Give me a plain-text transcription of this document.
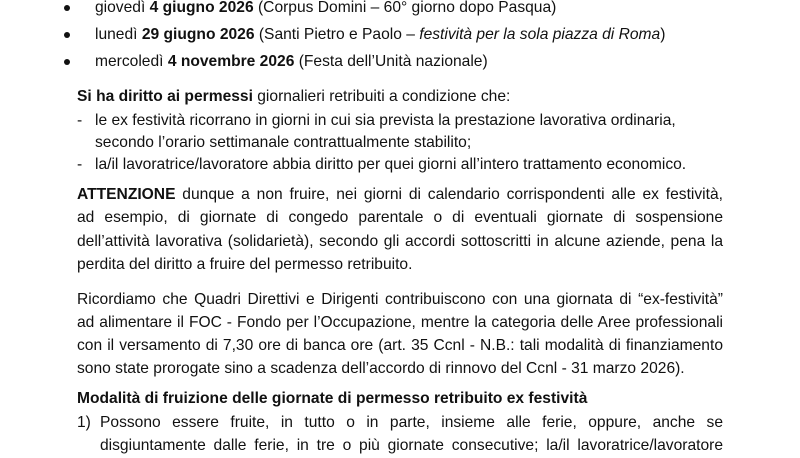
giovedì 4 giugno 2026 (Corpus Domini – 60° giorno dopo Pasqua)
lunedì 29 giugno 2026 (Santi Pietro e Paolo – festività per la sola piazza di Roma)
mercoledì 4 novembre 2026 (Festa dell’Unità nazionale)
Si ha diritto ai permessi giornalieri retribuiti a condizione che:
- le ex festività ricorrano in giorni in cui sia prevista la prestazione lavorativa ordinaria,
secondo l’orario settimanale contrattualmente stabilito;
- la/il lavoratrice/lavoratore abbia diritto per quei giorni all’intero trattamento economico.
ATTENZIONE dunque a non fruire, nei giorni di calendario corrispondenti alle ex festività,
ad esempio, di giornate di congedo parentale o di eventuali giornate di sospensione
dell’attività lavorativa (solidarietà), secondo gli accordi sottoscritti in alcune aziende, pena la
perdita del diritto a fruire del permesso retribuito.
Ricordiamo che Quadri Direttivi e Dirigenti contribuiscono con una giornata di “ex-festività”
ad alimentare il FOC - Fondo per l’Occupazione, mentre la categoria delle Aree professionali
con il versamento di 7,30 ore di banca ore (art. 35 Ccnl - N.B.: tali modalità di finanziamento
sono state prorogate sino a scadenza dell’accordo di rinnovo del Ccnl - 31 marzo 2026).
Modalità di fruizione delle giornate di permesso retribuito ex festività
1) Possono essere fruite, in tutto o in parte, insieme alle ferie, oppure, anche se
disgiuntamente dalle ferie, in tre o più giornate consecutive; la/il lavoratrice/lavoratore
